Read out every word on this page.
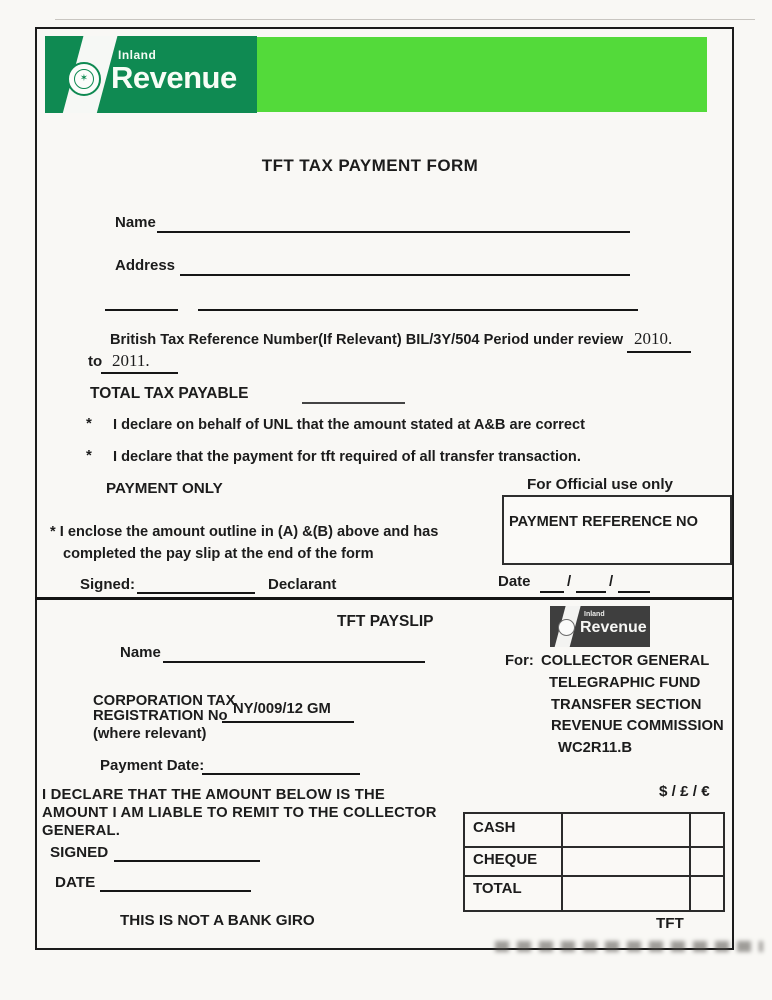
✶
Inland
Revenue
TFT TAX PAYMENT FORM
Name
Address
British Tax Reference Number(If Relevant) BIL/3Y/504 Period under review 2010.
to 2011.
TOTAL TAX PAYABLE
* I declare on behalf of UNL that the amount stated at A&B are correct
* I declare that the payment for tft required of all transfer transaction.
PAYMENT ONLY	For Official use only
PAYMENT REFERENCE NO
* I enclose the amount outline in (A) &(B) above and has
completed the pay slip at the end of the form
Signed:	Declarant	Date /	/
TFT PAYSLIP	Inland
Revenue
Name	For: COLLECTOR GENERAL
TELEGRAPHIC FUND
TRANSFER SECTION
REVENUE COMMISSION
WC2R11.B
CORPORATION TAX
REGISTRATION No NY/009/12 GM
(where relevant)
Payment Date:
$ / £ / €
I DECLARE THAT THE AMOUNT BELOW IS THE
AMOUNT I AM LIABLE TO REMIT TO THE COLLECTOR
GENERAL.
SIGNED
DATE
CASH
CHEQUE
TOTAL
THIS IS NOT A BANK GIRO	TFT
